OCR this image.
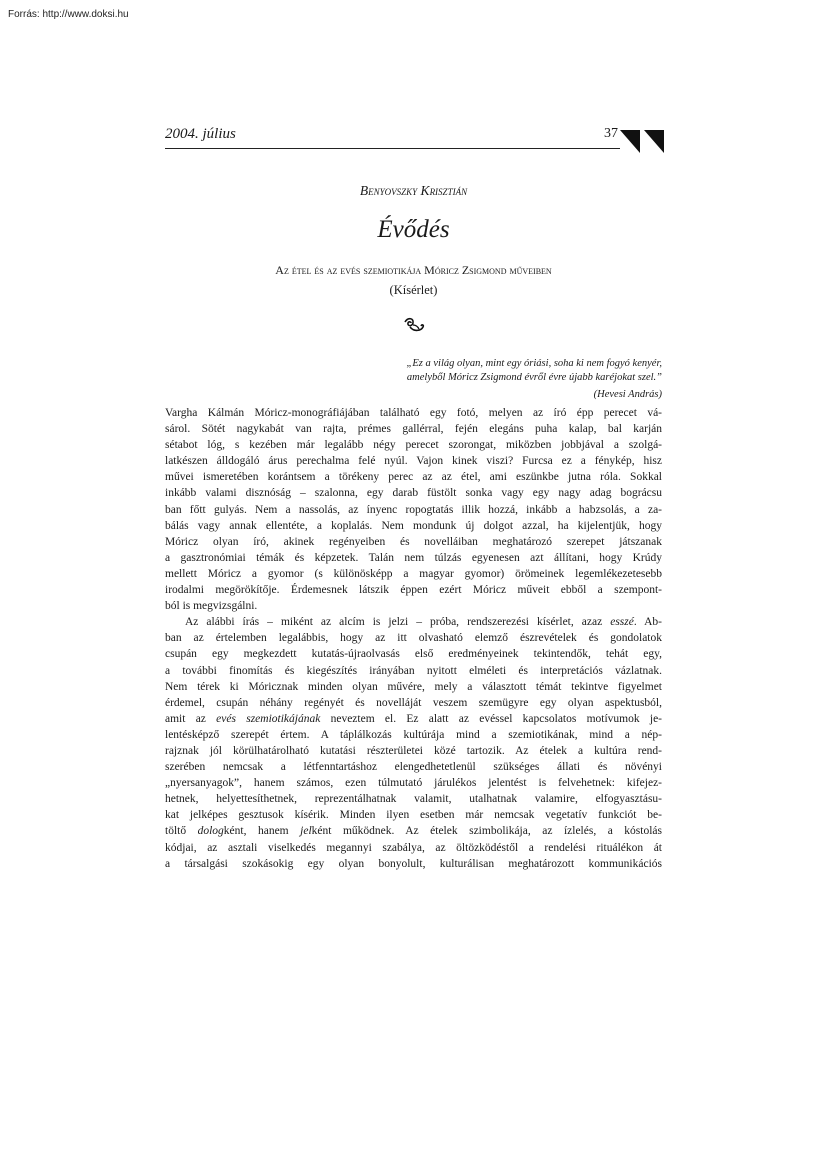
Forrás: http://www.doksi.hu
2004. július	37
Benyovszky Krisztián
Évődés
Az étel és az evés szemiotikája Móricz Zsigmond műveiben
(Kísérlet)
„Ez a világ olyan, mint egy óriási, soha ki nem fogyó kenyér,
amelyből Móricz Zsigmond évről évre újabb karéjokat szel.”
(Hevesi András)
Vargha Kálmán Móricz-monográfiájában található egy fotó, melyen az író épp perecet vá-
sárol. Sötét nagykabát van rajta, prémes gallérral, fején elegáns puha kalap, bal karján
sétabot lóg, s kezében már legalább négy perecet szorongat, miközben jobbjával a szolgá-
latkészen álldogáló árus perechalma felé nyúl. Vajon kinek viszi? Furcsa ez a fénykép, hisz
művei ismeretében korántsem a törékeny perec az az étel, ami eszünkbe jutna róla. Sokkal
inkább valami disznóság – szalonna, egy darab füstölt sonka vagy egy nagy adag bográcsu
ban főtt gulyás. Nem a nassolás, az ínyenc ropogtatás illik hozzá, inkább a habzsolás, a za-
bálás vagy annak ellentéte, a koplalás. Nem mondunk új dolgot azzal, ha kijelentjük, hogy
Móricz olyan író, akinek regényeiben és novelláiban meghatározó szerepet játszanak
a gasztronómiai témák és képzetek. Talán nem túlzás egyenesen azt állítani, hogy Krúdy
mellett Móricz a gyomor (s különösképp a magyar gyomor) örömeinek legemlékezetesebb
irodalmi megörökítője. Érdemesnek látszik éppen ezért Móricz műveit ebből a szempont-
ból is megvizsgálni.
Az alábbi írás – miként az alcím is jelzi – próba, rendszerezési kísérlet, azaz esszé. Ab-
ban az értelemben legalábbis, hogy az itt olvasható elemző észrevételek és gondolatok
csupán egy megkezdett kutatás-újraolvasás első eredményeinek tekintendők, tehát egy,
a további finomítás és kiegészítés irányában nyitott elméleti és interpretációs vázlatnak.
Nem térek ki Móricznak minden olyan művére, mely a választott témát tekintve figyelmet
érdemel, csupán néhány regényét és novelláját veszem szemügyre egy olyan aspektusból,
amit az evés szemiotikájának neveztem el. Ez alatt az evéssel kapcsolatos motívumok je-
lentésképző szerepét értem. A táplálkozás kultúrája mind a szemiotikának, mind a nép-
rajznak jól körülhatárolható kutatási részterületei közé tartozik. Az ételek a kultúra rend-
szerében nemcsak a létfenntartáshoz elengedhetetlenül szükséges állati és növényi
„nyersanyagok”, hanem számos, ezen túlmutató járulékos jelentést is felvehetnek: kifejez-
hetnek, helyettesíthetnek, reprezentálhatnak valamit, utalhatnak valamire, elfogyasztásu-
kat jelképes gesztusok kísérik. Minden ilyen esetben már nemcsak vegetatív funkciót be-
töltő dologként, hanem jelként működnek. Az ételek szimbolikája, az ízlelés, a kóstolás
kódjai, az asztali viselkedés megannyi szabálya, az öltözködéstől a rendelési rituálékon át
a társalgási szokásokig egy olyan bonyolult, kulturálisan meghatározott kommunikációs
